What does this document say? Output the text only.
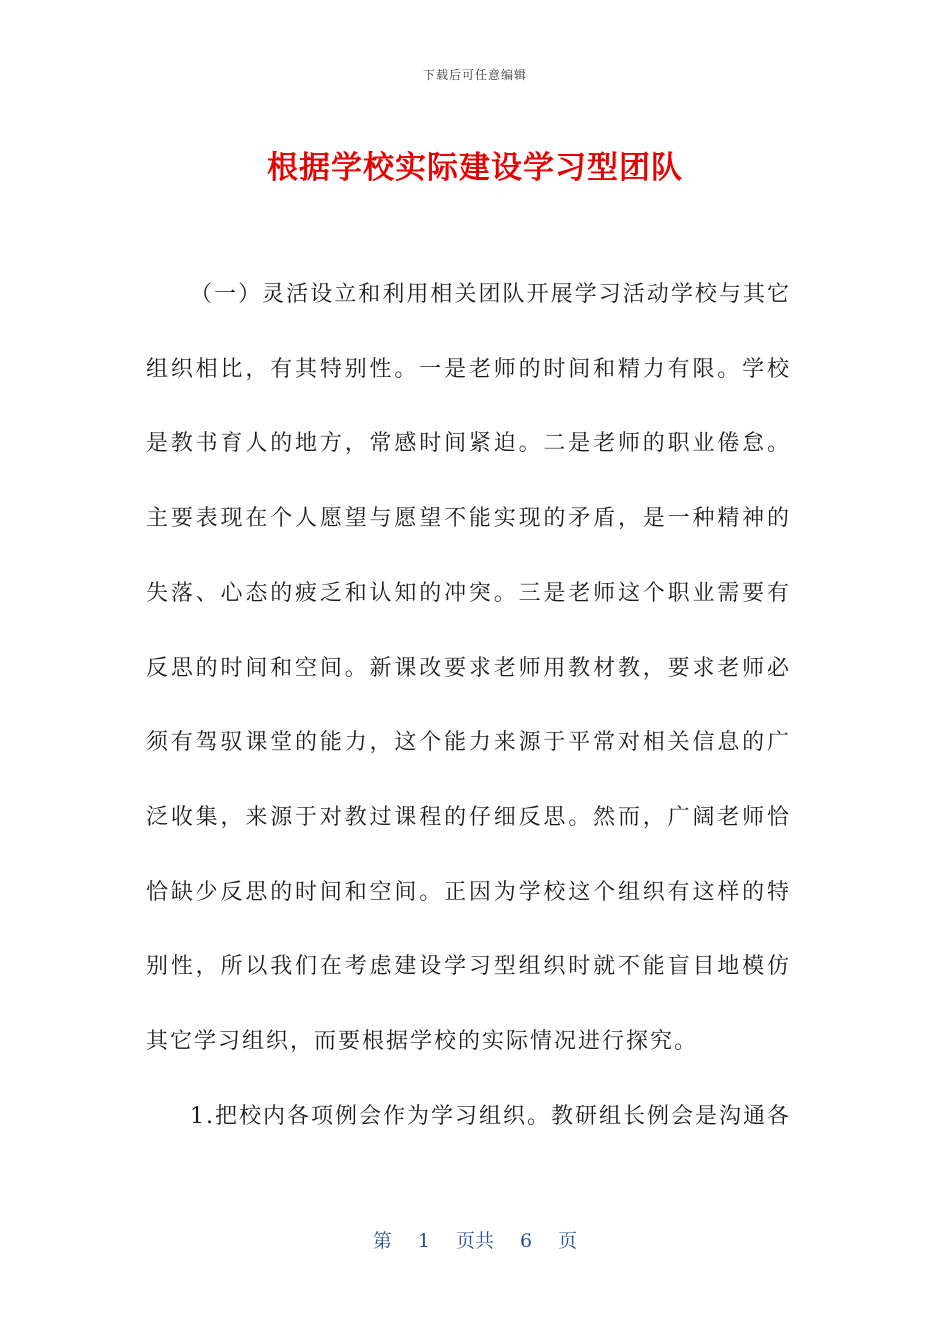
下载后可任意编辑
根据学校实际建设学习型团队

（一）灵活设立和利用相关团队开展学习活动学校与其它组织相比，有其特别性。一是老师的时间和精力有限。学校是教书育人的地方，常感时间紧迫。二是老师的职业倦怠。主要表现在个人愿望与愿望不能实现的矛盾，是一种精神的失落、心态的疲乏和认知的冲突。三是老师这个职业需要有反思的时间和空间。新课改要求老师用教材教，要求老师必须有驾驭课堂的能力，这个能力来源于平常对相关信息的广泛收集，来源于对教过课程的仔细反思。然而，广阔老师恰恰缺少反思的时间和空间。正因为学校这个组织有这样的特别性，所以我们在考虑建设学习型组织时就不能盲目地模仿其它学习组织，而要根据学校的实际情况进行探究。

1.把校内各项例会作为学习组织。教研组长例会是沟通各

第 1 页共 6 页
